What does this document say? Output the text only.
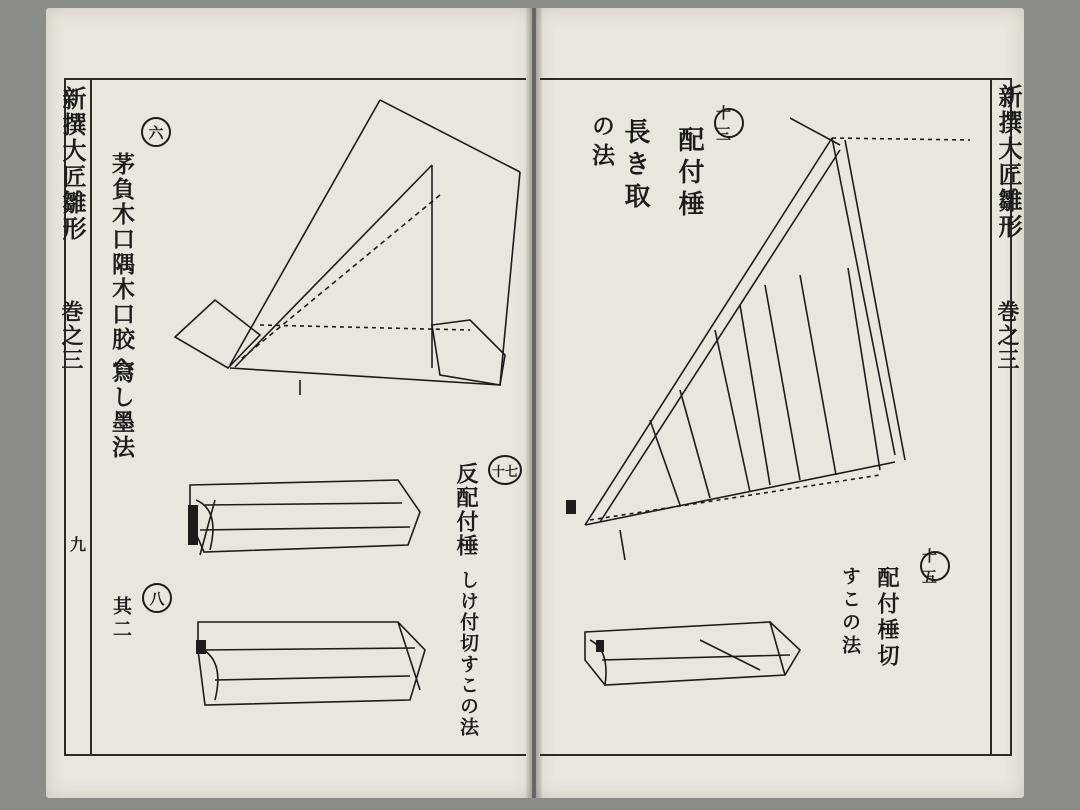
新撰大匠雛形
巻之三
九
新撰大匠雛形
巻之三
六
茅負木口隅木口胶へ
寫し墨法
十七
反配付棰
しけ付切すこの法
八
其二
十三
配付棰
長き取
の法
十五
配付棰切
すこの法
